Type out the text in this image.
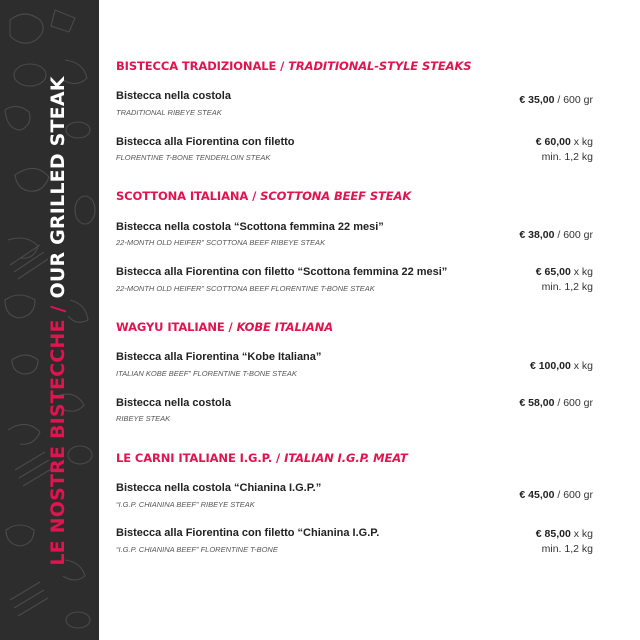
LE NOSTRE BISTECCHE / OUR GRILLED STEAK
BISTECCA TRADIZIONALE / TRADITIONAL-STYLE STEAKS
Bistecca nella costola
TRADITIONAL RIBEYE STEAK
€ 35,00 / 600 gr
Bistecca alla Fiorentina con filetto
FLORENTINE T-BONE TENDERLOIN STEAK
€ 60,00 x kg
min. 1,2 kg
SCOTTONA ITALIANA / SCOTTONA BEEF STEAK
Bistecca nella costola “Scottona femmina 22 mesi”
22-MONTH OLD HEIFER” SCOTTONA BEEF RIBEYE STEAK
€ 38,00 / 600 gr
Bistecca alla Fiorentina con filetto “Scottona femmina 22 mesi”
22-MONTH OLD HEIFER” SCOTTONA BEEF FLORENTINE T-BONE STEAK
€ 65,00 x kg
min. 1,2 kg
WAGYU ITALIANE / KOBE ITALIANA
Bistecca alla Fiorentina “Kobe Italiana”
ITALIAN KOBE BEEF” FLORENTINE T-BONE STEAK
€ 100,00 x kg
Bistecca nella costola
RIBEYE STEAK
€ 58,00 / 600 gr
LE CARNI ITALIANE I.G.P. / ITALIAN I.G.P. MEAT
Bistecca nella costola “Chianina I.G.P.”
“I.G.P. CHIANINA BEEF” RIBEYE STEAK
€ 45,00 / 600 gr
Bistecca alla Fiorentina con filetto “Chianina I.G.P.
“I.G.P. CHIANINA BEEF” FLORENTINE T-BONE
€ 85,00 x kg
min. 1,2 kg
